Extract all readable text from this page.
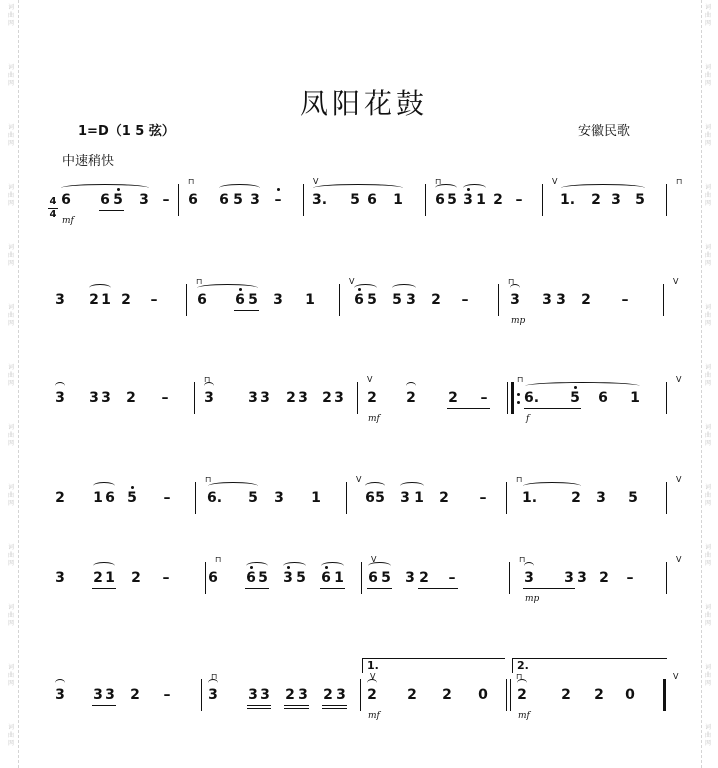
词
曲
网
词
曲
网
词
曲
网
词
曲
网
词
曲
网
词
曲
网
词
曲
网
词
曲
网
词
曲
网
词
曲
网
词
曲
网
词
曲
网
词
曲
网
词
曲
网
词
曲
网
词
曲
网
词
曲
网
词
曲
网
词
曲
网
词
曲
网
词
曲
网
词
曲
网
词
曲
网
词
曲
网
词
曲
网
词
曲
网
凤阳花鼓
1=D（1 5 弦）	安徽民歌
中速稍快
4
4
6 6 5 3 – 6 6 5 3 – 3. 5 6 1 6 5 3 1 2 –	1. 2 3 5
⊓	V	⊓	V	⊓
3 2 1 2 –	6 6 5 3 1	6 5 5 3 2 –	3 3 3 2 –
⊓	V	⊓	V
3 3 3 2 –	3 3 3 2 3 2 3 2 2 2 –	6. 5 6 1
⊓	V	⊓	V
2 1 6 5 –	6. 5 3 1	6 5 3 1 2 –	1. 2 3 5
⊓	V	⊓	V
3 2 1 2 –	6 6 5 3 5 6 1 6 5 3 2 –	3 3 3 2 –
⊓	V	⊓	V
3 3 3 2 –	3 3 3 2 3 2 3 2 2 2 0 2 2 2 0
⊓	V	⊓	V
mf
mp
mf	f
mp
mf	mf
1.	2.
